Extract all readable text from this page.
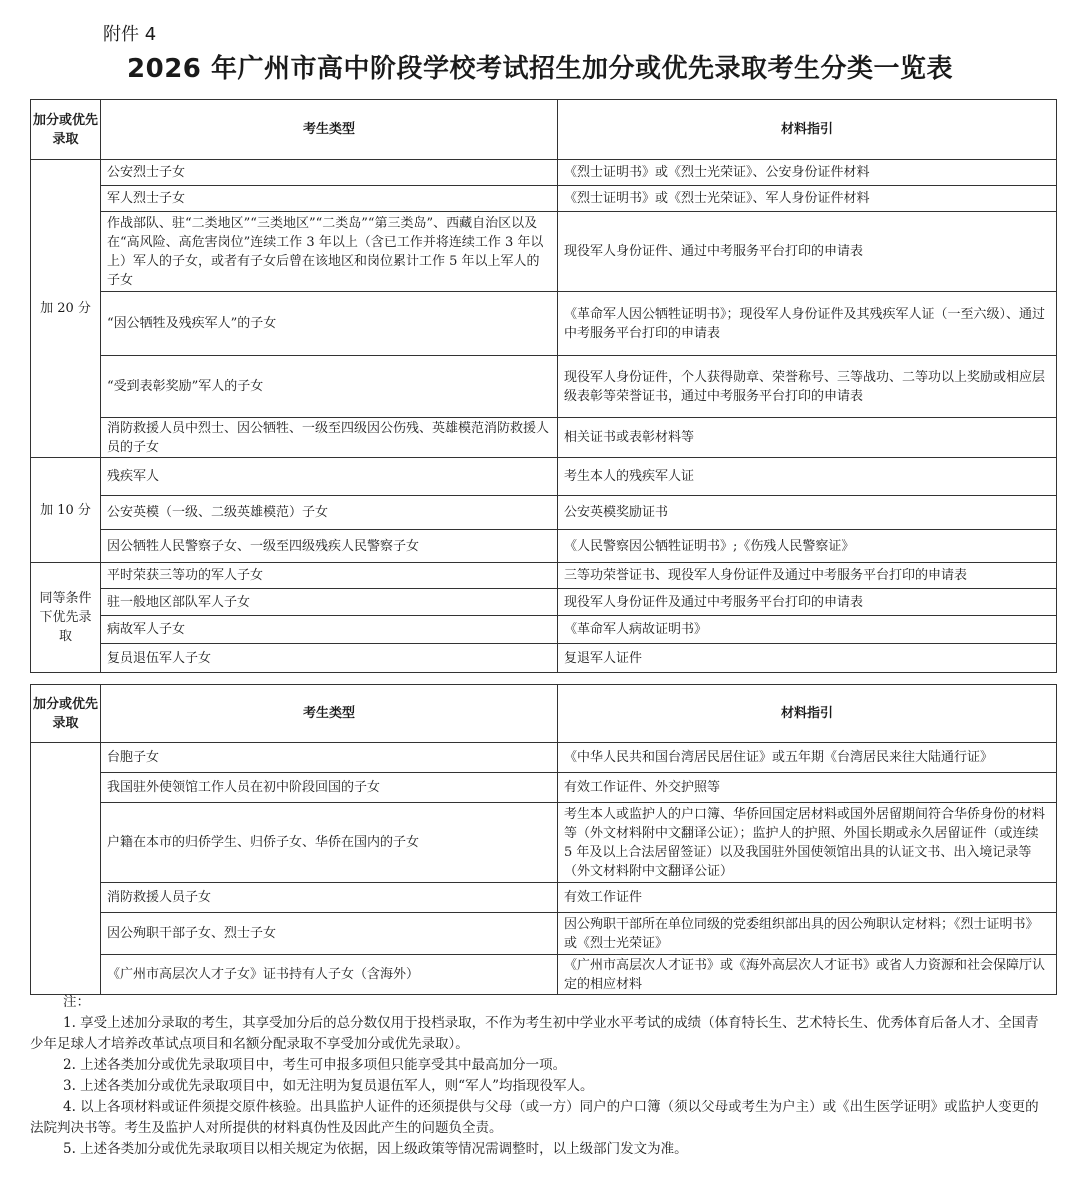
附件 4
2026 年广州市高中阶段学校考试招生加分或优先录取考生分类一览表
加分或优先录取	考生类型	材料指引
加 20 分	公安烈士子女	《烈士证明书》或《烈士光荣证》、公安身份证件材料
	军人烈士子女	《烈士证明书》或《烈士光荣证》、军人身份证件材料
	作战部队、驻“二类地区”“三类地区”“二类岛”“第三类岛”、西藏自治区以及在“高风险、高危害岗位”连续工作 3 年以上（含已工作并将连续工作 3 年以上）军人的子女，或者有子女后曾在该地区和岗位累计工作 5 年以上军人的子女	现役军人身份证件、通过中考服务平台打印的申请表
	“因公牺牲及残疾军人”的子女	《革命军人因公牺牲证明书》；现役军人身份证件及其残疾军人证（一至六级）、通过中考服务平台打印的申请表
	“受到表彰奖励”军人的子女	现役军人身份证件，个人获得勋章、荣誉称号、三等战功、二等功以上奖励或相应层级表彰等荣誉证书，通过中考服务平台打印的申请表
	消防救援人员中烈士、因公牺牲、一级至四级因公伤残、英雄模范消防救援人员的子女	相关证书或表彰材料等
加 10 分	残疾军人	考生本人的残疾军人证
	公安英模（一级、二级英雄模范）子女	公安英模奖励证书
	因公牺牲人民警察子女、一级至四级残疾人民警察子女	《人民警察因公牺牲证明书》;《伤残人民警察证》
同等条件下优先录取	平时荣获三等功的军人子女	三等功荣誉证书、现役军人身份证件及通过中考服务平台打印的申请表
	驻一般地区部队军人子女	现役军人身份证件及通过中考服务平台打印的申请表
	病故军人子女	《革命军人病故证明书》
	复员退伍军人子女	复退军人证件
加分或优先录取	考生类型	材料指引
	台胞子女	《中华人民共和国台湾居民居住证》或五年期《台湾居民来往大陆通行证》
	我国驻外使领馆工作人员在初中阶段回国的子女	有效工作证件、外交护照等
	户籍在本市的归侨学生、归侨子女、华侨在国内的子女	考生本人或监护人的户口簿、华侨回国定居材料或国外居留期间符合华侨身份的材料等（外文材料附中文翻译公证）；监护人的护照、外国长期或永久居留证件（或连续 5 年及以上合法居留签证）以及我国驻外国使领馆出具的认证文书、出入境记录等（外文材料附中文翻译公证）
	消防救援人员子女	有效工作证件
	因公殉职干部子女、烈士子女	因公殉职干部所在单位同级的党委组织部出具的因公殉职认定材料；《烈士证明书》或《烈士光荣证》
	《广州市高层次人才子女》证书持有人子女（含海外）	《广州市高层次人才证书》或《海外高层次人才证书》或省人力资源和社会保障厅认定的相应材料

注：

1. 享受上述加分录取的考生，其享受加分后的总分数仅用于投档录取，不作为考生初中学业水平考试的成绩（体育特长生、艺术特长生、优秀体育后备人才、全国青少年足球人才培养改革试点项目和名额分配录取不享受加分或优先录取）。

2. 上述各类加分或优先录取项目中，考生可申报多项但只能享受其中最高加分一项。

3. 上述各类加分或优先录取项目中，如无注明为复员退伍军人，则“军人”均指现役军人。

4. 以上各项材料或证件须提交原件核验。出具监护人证件的还须提供与父母（或一方）同户的户口簿（须以父母或考生为户主）或《出生医学证明》或监护人变更的法院判决书等。考生及监护人对所提供的材料真伪性及因此产生的问题负全责。

5. 上述各类加分或优先录取项目以相关规定为依据，因上级政策等情况需调整时，以上级部门发文为准。
